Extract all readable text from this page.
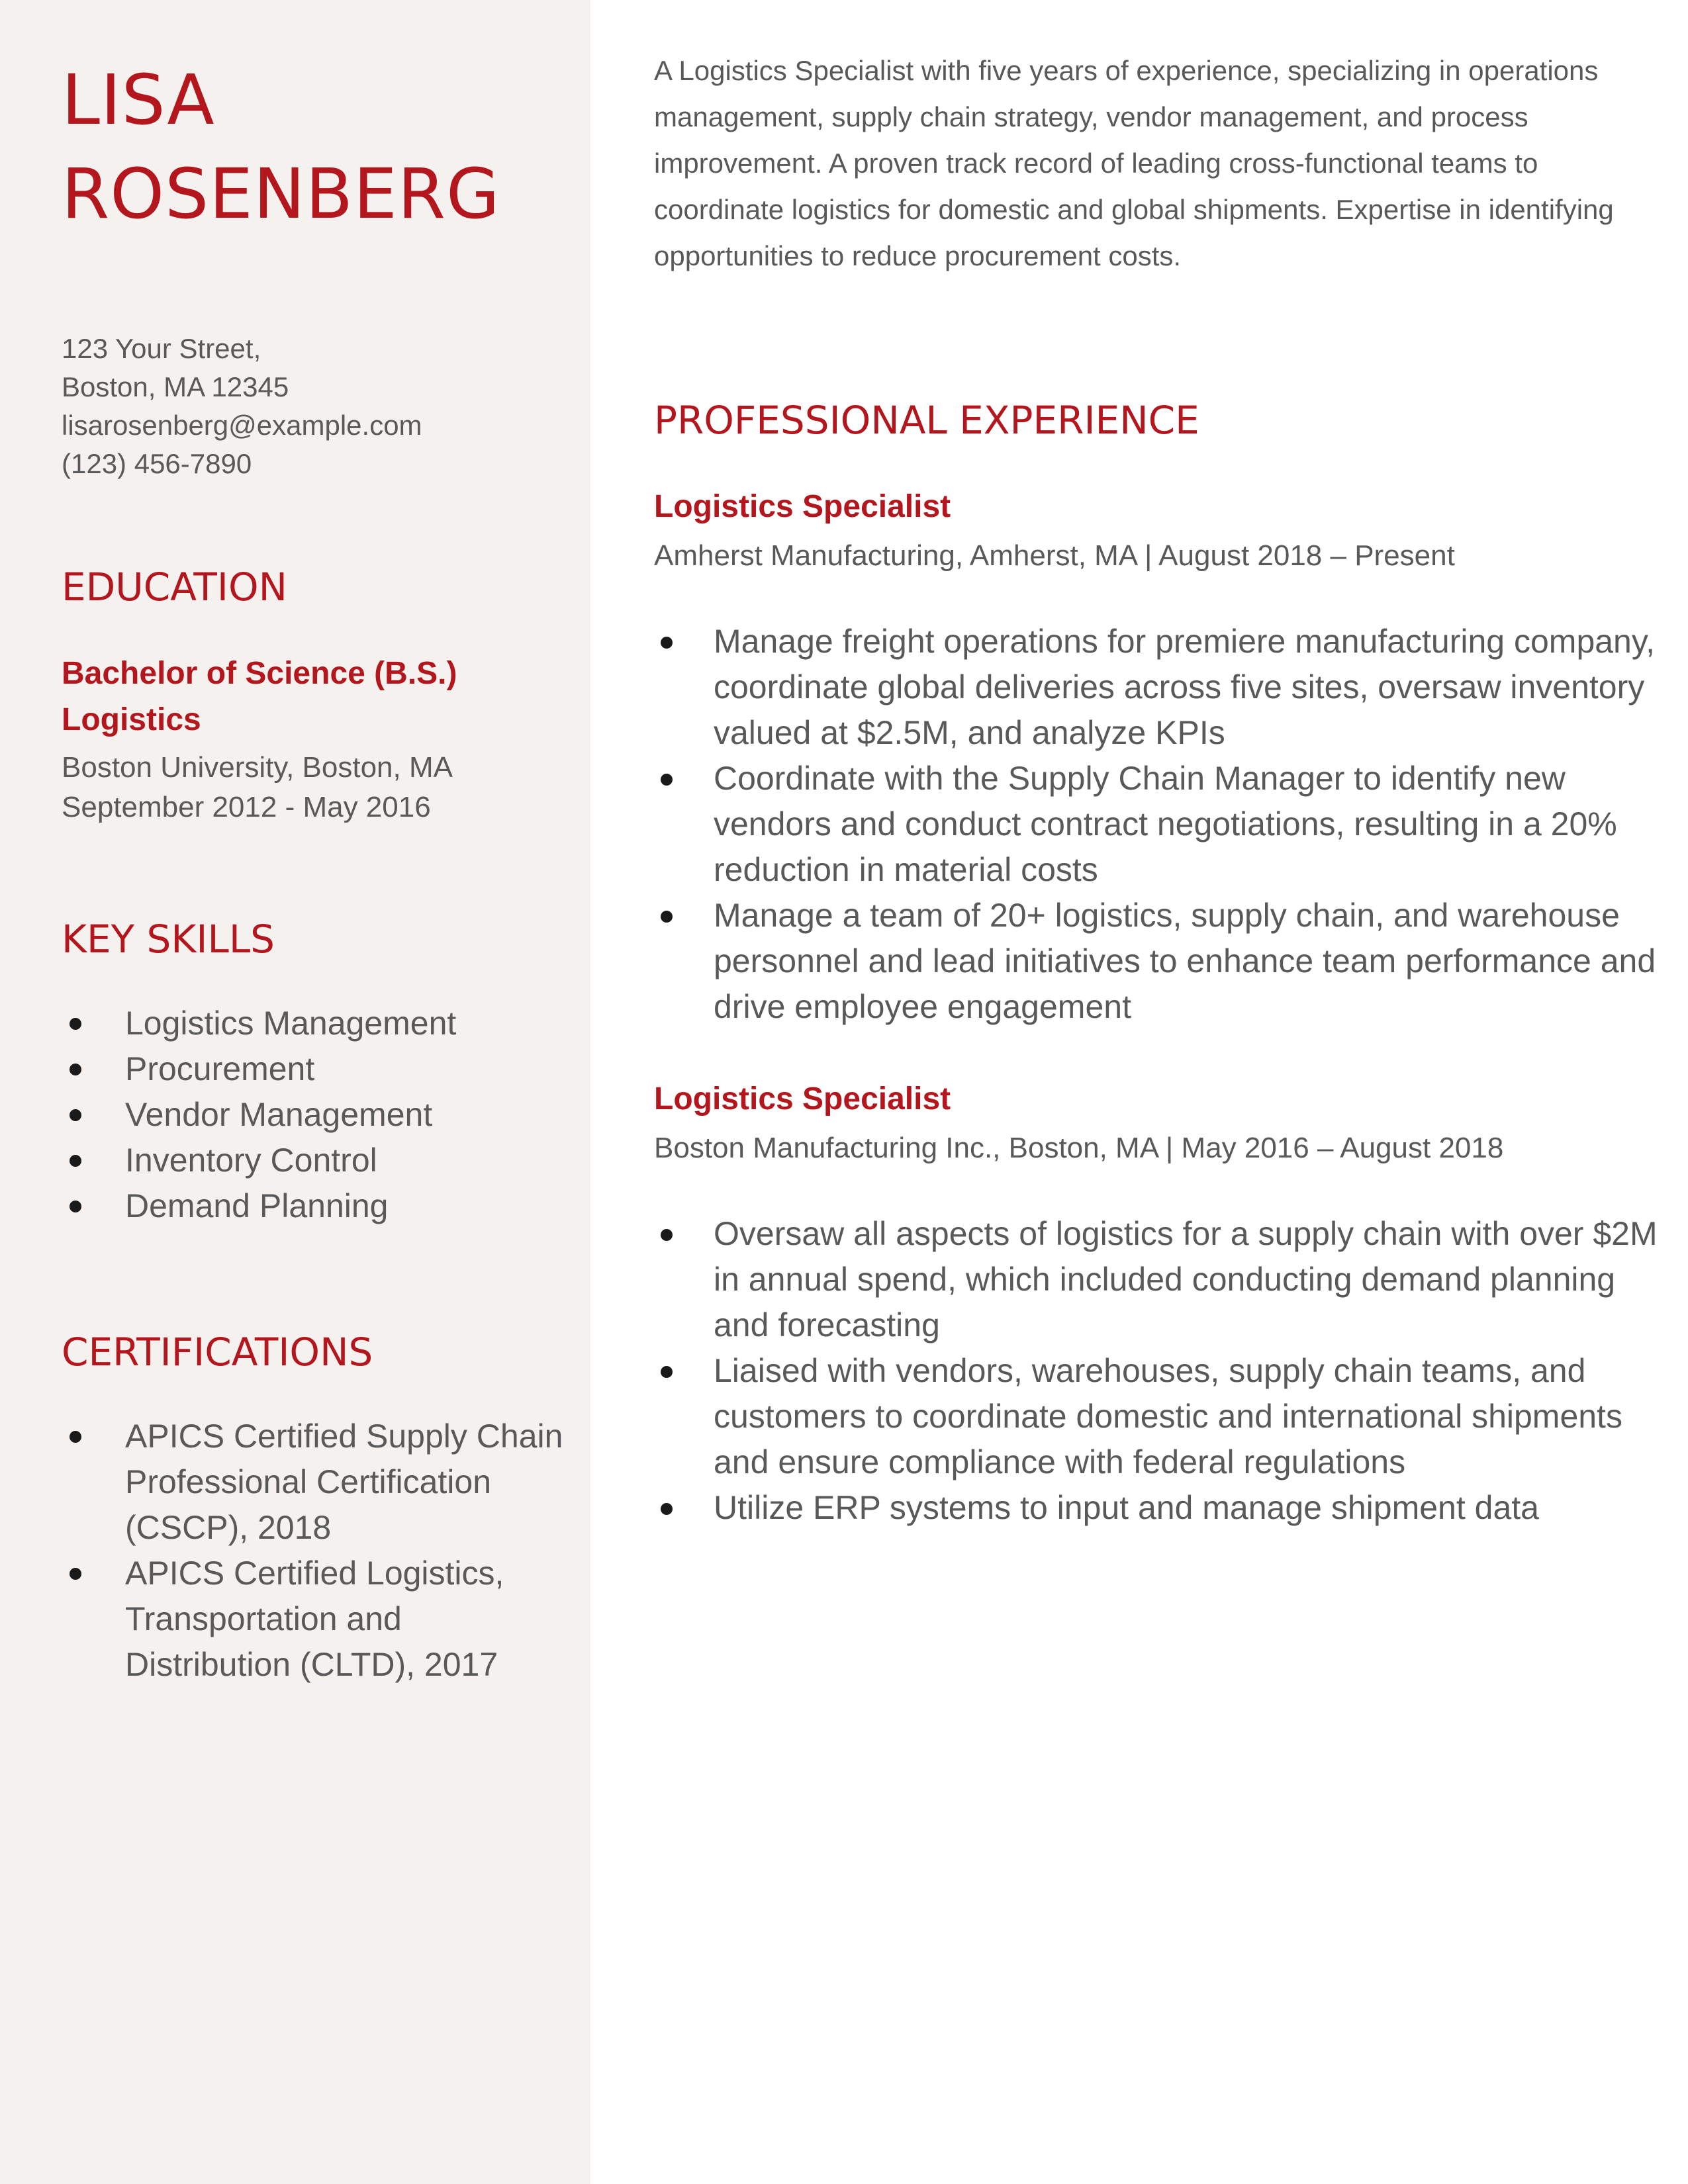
LISA
ROSENBERG
123 Your Street,
Boston, MA 12345
lisarosenberg@example.com
(123) 456-7890
EDUCATION
Bachelor of Science (B.S.)
Logistics
Boston University, Boston, MA
September 2012 - May 2016
KEY SKILLS
Logistics Management
Procurement
Vendor Management
Inventory Control
Demand Planning
CERTIFICATIONS
APICS Certified Supply Chain Professional Certification (CSCP), 2018
APICS Certified Logistics, Transportation and Distribution (CLTD), 2017

A Logistics Specialist with five years of experience, specializing in operations management, supply chain strategy, vendor management, and process improvement. A proven track record of leading cross-functional teams to coordinate logistics for domestic and global shipments. Expertise in identifying opportunities to reduce procurement costs.

PROFESSIONAL EXPERIENCE
Logistics Specialist
Amherst Manufacturing, Amherst, MA | August 2018 – Present
Manage freight operations for premiere manufacturing company, coordinate global deliveries across five sites, oversaw inventory valued at $2.5M, and analyze KPIs
Coordinate with the Supply Chain Manager to identify new vendors and conduct contract negotiations, resulting in a 20% reduction in material costs
Manage a team of 20+ logistics, supply chain, and warehouse personnel and lead initiatives to enhance team performance and drive employee engagement
Logistics Specialist
Boston Manufacturing Inc., Boston, MA | May 2016 – August 2018
Oversaw all aspects of logistics for a supply chain with over $2M in annual spend, which included conducting demand planning and forecasting
Liaised with vendors, warehouses, supply chain teams, and customers to coordinate domestic and international shipments and ensure compliance with federal regulations
Utilize ERP systems to input and manage shipment data
